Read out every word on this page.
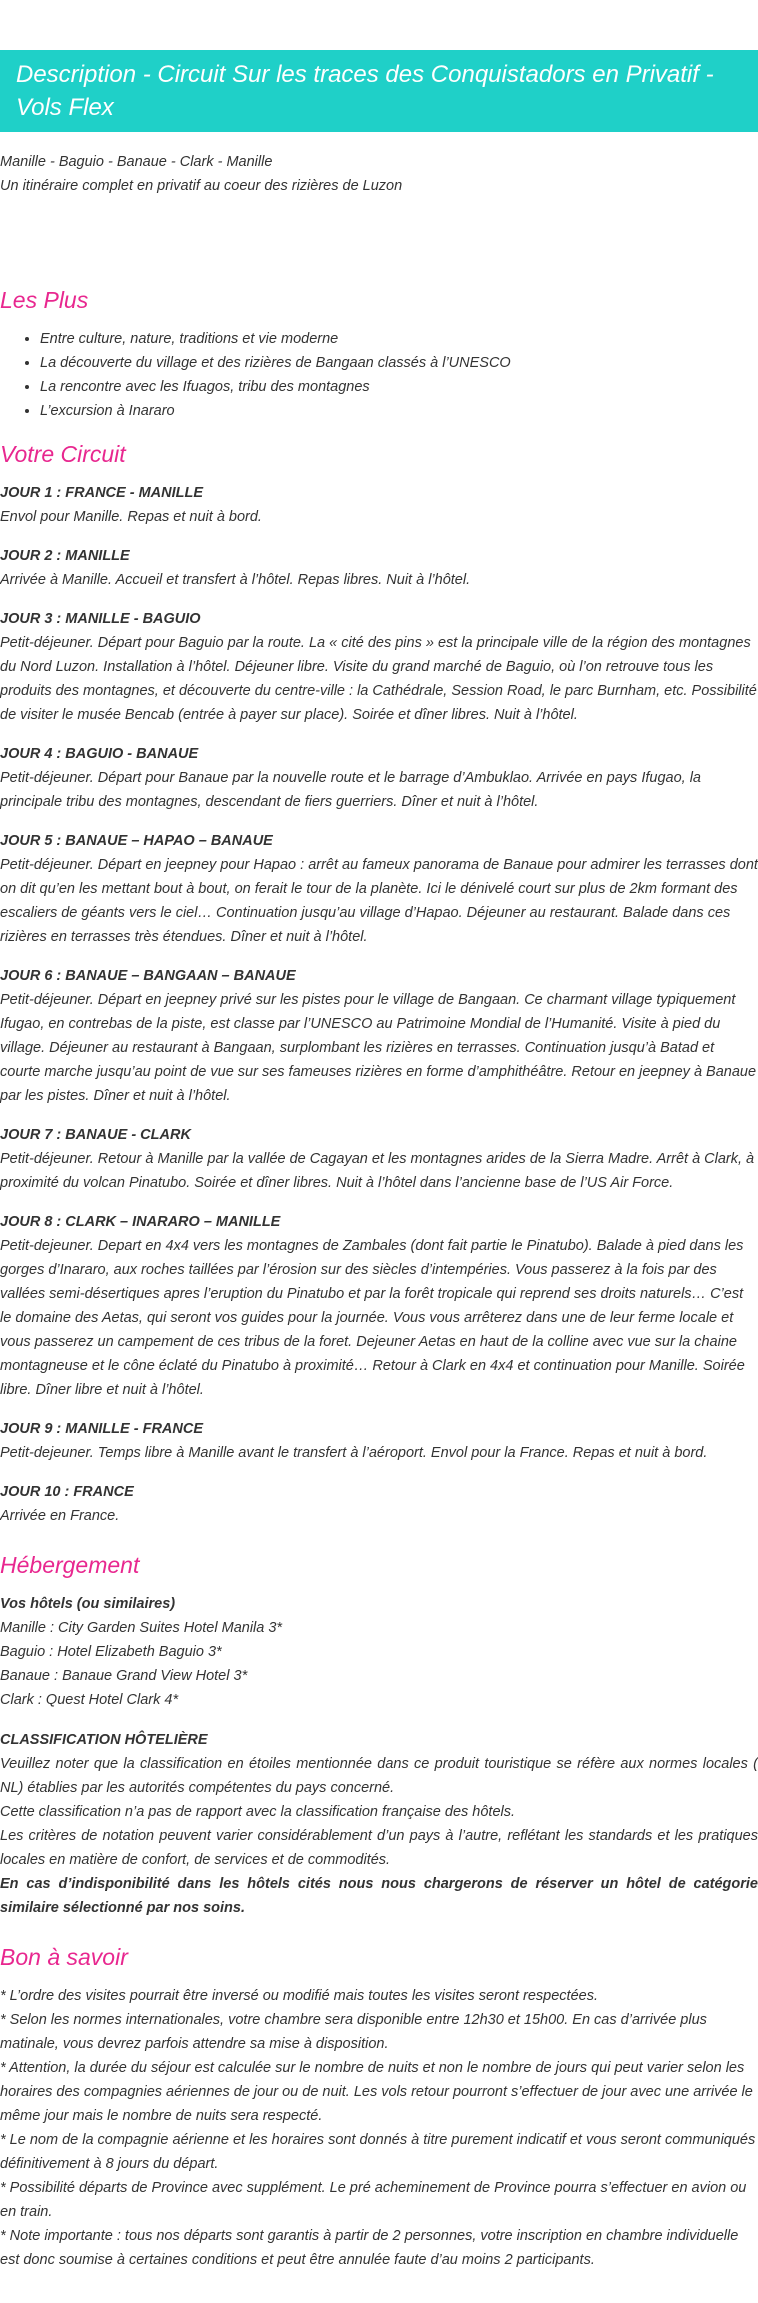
Description - Circuit Sur les traces des Conquistadors en Privatif - Vols Flex

Manille - Baguio - Banaue - Clark - Manille

Un itinéraire complet en privatif au coeur des rizières de Luzon

Les Plus
• Entre culture, nature, traditions et vie moderne
• La découverte du village et des rizières de Bangaan classés à l’UNESCO
• La rencontre avec les Ifuagos, tribu des montagnes
• L’excursion à Inararo
Votre Circuit

JOUR 1 : FRANCE - MANILLE

Envol pour Manille. Repas et nuit à bord.

JOUR 2 : MANILLE

Arrivée à Manille. Accueil et transfert à l’hôtel. Repas libres. Nuit à l’hôtel.

JOUR 3 : MANILLE - BAGUIO

Petit-déjeuner. Départ pour Baguio par la route. La « cité des pins » est la principale ville de la région des montagnes du Nord Luzon. Installation à l’hôtel. Déjeuner libre. Visite du grand marché de Baguio, où l’on retrouve tous les produits des montagnes, et découverte du centre-ville : la Cathédrale, Session Road, le parc Burnham, etc. Possibilité de visiter le musée Bencab (entrée à payer sur place). Soirée et dîner libres. Nuit à l’hôtel.

JOUR 4 : BAGUIO - BANAUE

Petit-déjeuner. Départ pour Banaue par la nouvelle route et le barrage d’Ambuklao. Arrivée en pays Ifugao, la principale tribu des montagnes, descendant de fiers guerriers. Dîner et nuit à l’hôtel.

JOUR 5 : BANAUE – HAPAO – BANAUE

Petit-déjeuner. Départ en jeepney pour Hapao : arrêt au fameux panorama de Banaue pour admirer les terrasses dont on dit qu’en les mettant bout à bout, on ferait le tour de la planète. Ici le dénivelé court sur plus de 2km formant des escaliers de géants vers le ciel… Continuation jusqu’au village d’Hapao. Déjeuner au restaurant. Balade dans ces rizières en terrasses très étendues. Dîner et nuit à l’hôtel.

JOUR 6 : BANAUE – BANGAAN – BANAUE

Petit-déjeuner. Départ en jeepney privé sur les pistes pour le village de Bangaan. Ce charmant village typiquement Ifugao, en contrebas de la piste, est classe par l’UNESCO au Patrimoine Mondial de l’Humanité. Visite à pied du village. Déjeuner au restaurant à Bangaan, surplombant les rizières en terrasses. Continuation jusqu’à Batad et courte marche jusqu’au point de vue sur ses fameuses rizières en forme d’amphithéâtre. Retour en jeepney à Banaue par les pistes. Dîner et nuit à l’hôtel.

JOUR 7 : BANAUE - CLARK

Petit-déjeuner. Retour à Manille par la vallée de Cagayan et les montagnes arides de la Sierra Madre. Arrêt à Clark, à proximité du volcan Pinatubo. Soirée et dîner libres. Nuit à l’hôtel dans l’ancienne base de l’US Air Force.

JOUR 8 : CLARK – INARARO – MANILLE

Petit-dejeuner. Depart en 4x4 vers les montagnes de Zambales (dont fait partie le Pinatubo). Balade à pied dans les gorges d’Inararo, aux roches taillées par l’érosion sur des siècles d’intempéries. Vous passerez à la fois par des vallées semi-désertiques apres l’eruption du Pinatubo et par la forêt tropicale qui reprend ses droits naturels… C’est le domaine des Aetas, qui seront vos guides pour la journée. Vous vous arrêterez dans une de leur ferme locale et vous passerez un campement de ces tribus de la foret. Dejeuner Aetas en haut de la colline avec vue sur la chaine montagneuse et le cône éclaté du Pinatubo à proximité… Retour à Clark en 4x4 et continuation pour Manille. Soirée libre. Dîner libre et nuit à l’hôtel.

JOUR 9 : MANILLE - FRANCE

Petit-dejeuner. Temps libre à Manille avant le transfert à l’aéroport. Envol pour la France. Repas et nuit à bord.

JOUR 10 : FRANCE

Arrivée en France.

Hébergement

Vos hôtels (ou similaires)

Manille : City Garden Suites Hotel Manila 3*

Baguio : Hotel Elizabeth Baguio 3*

Banaue : Banaue Grand View Hotel 3*

Clark : Quest Hotel Clark 4*

CLASSIFICATION HÔTELIÈRE

Veuillez noter que la classification en étoiles mentionnée dans ce produit touristique se réfère aux normes locales ( NL) établies par les autorités compétentes du pays concerné.

Cette classification n’a pas de rapport avec la classification française des hôtels.

Les critères de notation peuvent varier considérablement d’un pays à l’autre, reflétant les standards et les pratiques locales en matière de confort, de services et de commodités.

En cas d’indisponibilité dans les hôtels cités nous nous chargerons de réserver un hôtel de catégorie similaire sélectionné par nos soins.

Bon à savoir

* L’ordre des visites pourrait être inversé ou modifié mais toutes les visites seront respectées.

* Selon les normes internationales, votre chambre sera disponible entre 12h30 et 15h00. En cas d’arrivée plus matinale, vous devrez parfois attendre sa mise à disposition.

* Attention, la durée du séjour est calculée sur le nombre de nuits et non le nombre de jours qui peut varier selon les horaires des compagnies aériennes de jour ou de nuit. Les vols retour pourront s’effectuer de jour avec une arrivée le même jour mais le nombre de nuits sera respecté.

* Le nom de la compagnie aérienne et les horaires sont donnés à titre purement indicatif et vous seront communiqués définitivement à 8 jours du départ.

* Possibilité départs de Province avec supplément. Le pré acheminement de Province pourra s’effectuer en avion ou en train.

* Note importante : tous nos départs sont garantis à partir de 2 personnes, votre inscription en chambre individuelle est donc soumise à certaines conditions et peut être annulée faute d’au moins 2 participants.
